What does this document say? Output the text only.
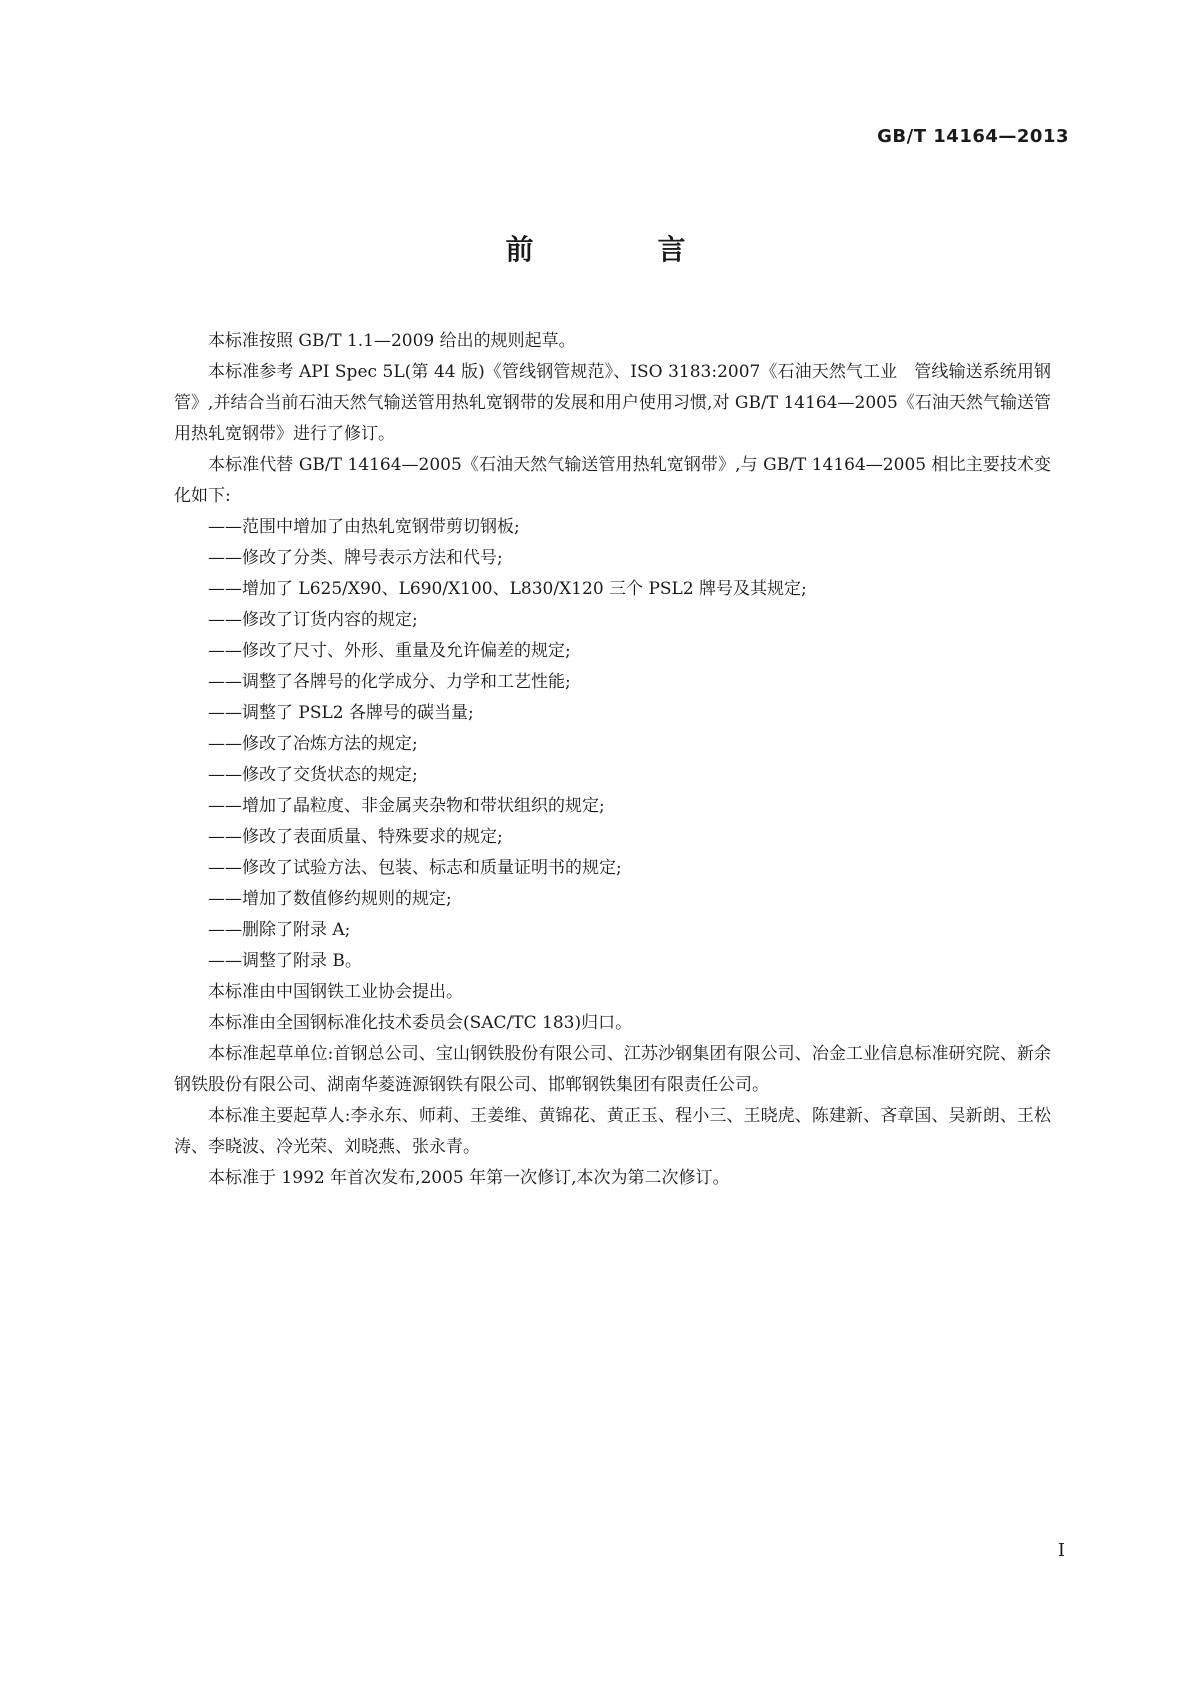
GB/T 14164—2013
前　言

本标准按照 GB/T 1.1—2009 给出的规则起草。

本标准参考 API Spec 5L(第 44 版)《管线钢管规范》、ISO 3183:2007《石油天然气工业　管线输送系统用钢管》,并结合当前石油天然气输送管用热轧宽钢带的发展和用户使用习惯,对 GB/T 14164—2005《石油天然气输送管用热轧宽钢带》进行了修订。

本标准代替 GB/T 14164—2005《石油天然气输送管用热轧宽钢带》,与 GB/T 14164—2005 相比主要技术变化如下:

——范围中增加了由热轧宽钢带剪切钢板;
——修改了分类、牌号表示方法和代号;
——增加了 L625/X90、L690/X100、L830/X120 三个 PSL2 牌号及其规定;
——修改了订货内容的规定;
——修改了尺寸、外形、重量及允许偏差的规定;
——调整了各牌号的化学成分、力学和工艺性能;
——调整了 PSL2 各牌号的碳当量;
——修改了冶炼方法的规定;
——修改了交货状态的规定;
——增加了晶粒度、非金属夹杂物和带状组织的规定;
——修改了表面质量、特殊要求的规定;
——修改了试验方法、包装、标志和质量证明书的规定;
——增加了数值修约规则的规定;
——删除了附录 A;
——调整了附录 B。

本标准由中国钢铁工业协会提出。

本标准由全国钢标准化技术委员会(SAC/TC 183)归口。

本标准起草单位:首钢总公司、宝山钢铁股份有限公司、江苏沙钢集团有限公司、冶金工业信息标准研究院、新余钢铁股份有限公司、湖南华菱涟源钢铁有限公司、邯郸钢铁集团有限责任公司。

本标准主要起草人:李永东、师莉、王姜维、黄锦花、黄正玉、程小三、王晓虎、陈建新、吝章国、吴新朗、王松涛、李晓波、冷光荣、刘晓燕、张永青。

本标准于 1992 年首次发布,2005 年第一次修订,本次为第二次修订。

I
